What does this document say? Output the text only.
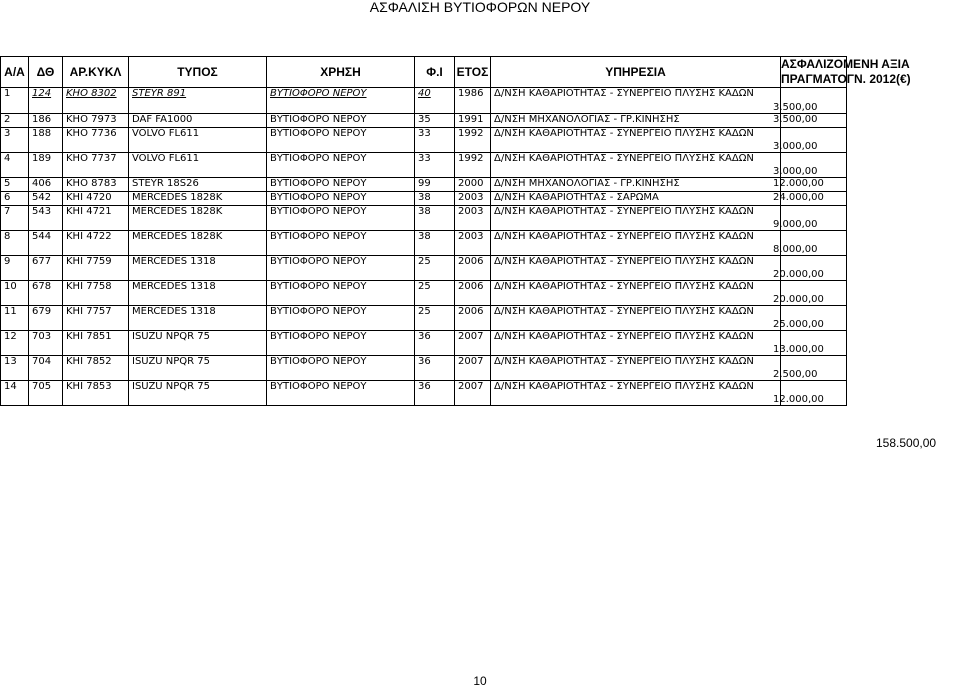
ΑΣΦΑΛΙΣΗ ΒΥΤΙΟΦΟΡΩΝ ΝΕΡΟΥ
Α/Α	ΔΘ	ΑΡ.ΚΥΚΛ	ΤΥΠΟΣ	ΧΡΗΣΗ	Φ.Ι	ΕΤΟΣ	ΥΠΗΡΕΣΙΑ	ΑΣΦΑΛΙΖΟΜΕΝΗ ΑΞΙΑ
ΠΡΑΓΜΑΤΟΓΝ. 2012(€)

1	124	ΚΗΟ 8302	STEYR 891	ΒΥΤΙΟΦΟΡΟ ΝΕΡΟΥ	40	1986	Δ/ΝΣΗ ΚΑΘΑΡΙΟΤΗΤΑΣ - ΣΥΝΕΡΓΕΙΟ ΠΛΥΣΗΣ ΚΑΔΩΝ	3.500,00

2	186	ΚΗΟ 7973	DAF FA1000	ΒΥΤΙΟΦΟΡΟ ΝΕΡΟΥ	35	1991	Δ/ΝΣΗ ΜΗΧΑΝΟΛΟΓΙΑΣ - ΓΡ.ΚΙΝΗΣΗΣ	3.500,00

3	188	ΚΗΟ 7736	VOLVO FL611	ΒΥΤΙΟΦΟΡΟ ΝΕΡΟΥ	33	1992	Δ/ΝΣΗ ΚΑΘΑΡΙΟΤΗΤΑΣ - ΣΥΝΕΡΓΕΙΟ ΠΛΥΣΗΣ ΚΑΔΩΝ	3.000,00

4	189	ΚΗΟ 7737	VOLVO FL611	ΒΥΤΙΟΦΟΡΟ ΝΕΡΟΥ	33	1992	Δ/ΝΣΗ ΚΑΘΑΡΙΟΤΗΤΑΣ - ΣΥΝΕΡΓΕΙΟ ΠΛΥΣΗΣ ΚΑΔΩΝ	3.000,00

5	406	ΚΗΟ 8783	STEYR 18S26	ΒΥΤΙΟΦΟΡΟ ΝΕΡΟΥ	99	2000	Δ/ΝΣΗ ΜΗΧΑΝΟΛΟΓΙΑΣ - ΓΡ.ΚΙΝΗΣΗΣ	12.000,00

6	542	ΚΗΙ 4720	MERCEDES 1828K	ΒΥΤΙΟΦΟΡΟ ΝΕΡΟΥ	38	2003	Δ/ΝΣΗ ΚΑΘΑΡΙΟΤΗΤΑΣ - ΣΑΡΩΜΑ	24.000,00

7	543	ΚΗΙ 4721	MERCEDES 1828K	ΒΥΤΙΟΦΟΡΟ ΝΕΡΟΥ	38	2003	Δ/ΝΣΗ ΚΑΘΑΡΙΟΤΗΤΑΣ - ΣΥΝΕΡΓΕΙΟ ΠΛΥΣΗΣ ΚΑΔΩΝ	9.000,00

8	544	ΚΗΙ 4722	MERCEDES 1828K	ΒΥΤΙΟΦΟΡΟ ΝΕΡΟΥ	38	2003	Δ/ΝΣΗ ΚΑΘΑΡΙΟΤΗΤΑΣ - ΣΥΝΕΡΓΕΙΟ ΠΛΥΣΗΣ ΚΑΔΩΝ	8.000,00

9	677	ΚΗΙ 7759	MERCEDES 1318	ΒΥΤΙΟΦΟΡΟ ΝΕΡΟΥ	25	2006	Δ/ΝΣΗ ΚΑΘΑΡΙΟΤΗΤΑΣ - ΣΥΝΕΡΓΕΙΟ ΠΛΥΣΗΣ ΚΑΔΩΝ	20.000,00

10	678	ΚΗΙ 7758	MERCEDES 1318	ΒΥΤΙΟΦΟΡΟ ΝΕΡΟΥ	25	2006	Δ/ΝΣΗ ΚΑΘΑΡΙΟΤΗΤΑΣ - ΣΥΝΕΡΓΕΙΟ ΠΛΥΣΗΣ ΚΑΔΩΝ	20.000,00

11	679	ΚΗΙ 7757	MERCEDES 1318	ΒΥΤΙΟΦΟΡΟ ΝΕΡΟΥ	25	2006	Δ/ΝΣΗ ΚΑΘΑΡΙΟΤΗΤΑΣ - ΣΥΝΕΡΓΕΙΟ ΠΛΥΣΗΣ ΚΑΔΩΝ	25.000,00

12	703	ΚΗΙ 7851	ISUZU NPQR 75	ΒΥΤΙΟΦΟΡΟ ΝΕΡΟΥ	36	2007	Δ/ΝΣΗ ΚΑΘΑΡΙΟΤΗΤΑΣ - ΣΥΝΕΡΓΕΙΟ ΠΛΥΣΗΣ ΚΑΔΩΝ	13.000,00

13	704	ΚΗΙ 7852	ISUZU NPQR 75	ΒΥΤΙΟΦΟΡΟ ΝΕΡΟΥ	36	2007	Δ/ΝΣΗ ΚΑΘΑΡΙΟΤΗΤΑΣ - ΣΥΝΕΡΓΕΙΟ ΠΛΥΣΗΣ ΚΑΔΩΝ	2.500,00

14	705	ΚΗΙ 7853	ISUZU NPQR 75	ΒΥΤΙΟΦΟΡΟ ΝΕΡΟΥ	36	2007	Δ/ΝΣΗ ΚΑΘΑΡΙΟΤΗΤΑΣ - ΣΥΝΕΡΓΕΙΟ ΠΛΥΣΗΣ ΚΑΔΩΝ	12.000,00
158.500,00
10
